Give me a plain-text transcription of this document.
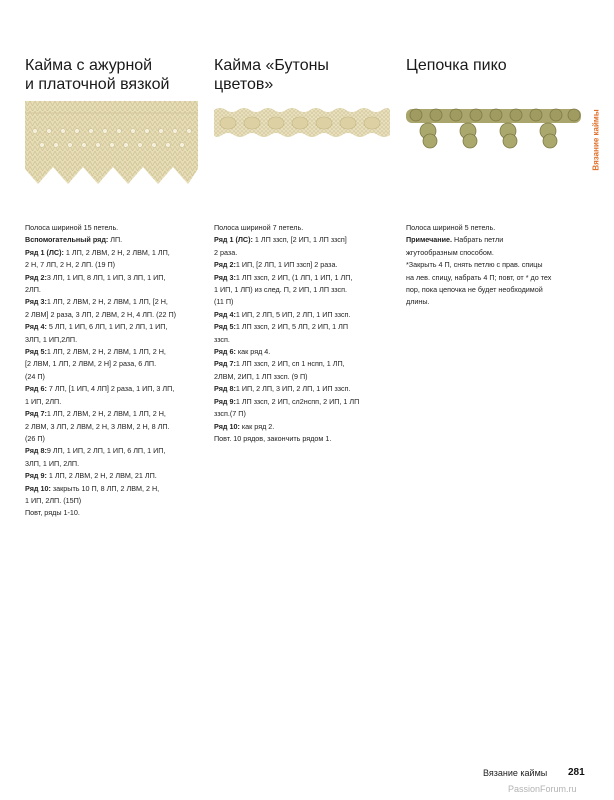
Кайма с ажурной
и платочной вязкой
Полоса шириной 15 петель.
Вспомогательный ряд: ЛП.
Ряд 1 (ЛС): 1 ЛП, 2 ЛВМ, 2 Н, 2 ЛВМ, 1 ЛП,
2 Н, 7 ЛП, 2 Н, 2 ЛП. (19 П)
Ряд 2:3 ЛП, 1 ИП, 8 ЛП, 1 ИП, 3 ЛП, 1 ИП,
2ЛП.
Ряд 3:1 ЛП, 2 ЛВМ, 2 Н, 2 ЛВМ, 1 ЛП, [2 Н,
2 ЛВМ] 2 раза, 3 ЛП, 2 ЛВМ, 2 Н, 4 ЛП. (22 П)
Ряд 4: 5 ЛП, 1 ИП, 6 ЛП, 1 ИП, 2 ЛП, 1 ИП,
3ЛП, 1 ИП,2ЛП.
Ряд 5:1 ЛП, 2 ЛВМ, 2 Н, 2 ЛВМ, 1 ЛП, 2 Н,
[2 ЛВМ, 1 ЛП, 2 ЛВМ, 2 Н] 2 раза, 6 ЛП.
(24 П)
Ряд 6: 7 ЛП, [1 ИП, 4 ЛП] 2 раза, 1 ИП, 3 ЛП,
1 ИП, 2ЛП.
Ряд 7:1 ЛП, 2 ЛВМ, 2 Н, 2 ЛВМ, 1 ЛП, 2 Н,
2 ЛВМ, 3 ЛП, 2 ЛВМ, 2 Н, 3 ЛВМ, 2 Н, 8 ЛП.
(26 П)
Ряд 8:9 ЛП, 1 ИП, 2 ЛП, 1 ИП, 6 ЛП, 1 ИП,
3ЛП, 1 ИП, 2ЛП.
Ряд 9: 1 ЛП, 2 ЛВМ, 2 Н, 2 ЛВМ, 21 ЛП.
Ряд 10: закрыть 10 П, 8 ЛП, 2 ЛВМ, 2 Н,
1 ИП, 2ЛП. (15П)
Повт, ряды 1-10.
Кайма «Бутоны
цветов»
Полоса шириной 7 петель.
Ряд 1 (ЛС): 1 ЛП ззсп, [2 ИП, 1 ЛП ззсп]
2 раза.
Ряд 2:1 ИП, [2 ЛП, 1 ИП ззсп] 2 раза.
Ряд 3:1 ЛП ззсп, 2 ИП, (1 ЛП, 1 ИП, 1 ЛП,
1 ИП, 1 ЛП) из след. П, 2 ИП, 1 ЛП ззсп.
(11 П)
Ряд 4:1 ИП, 2 ЛП, 5 ИП, 2 ЛП, 1 ИП ззсп.
Ряд 5:1 ЛП ззсп, 2 ИП, 5 ЛП, 2 ИП, 1 ЛП
ззсп.
Ряд 6: как ряд 4.
Ряд 7:1 ЛП ззсп, 2 ИП, сп 1 нспп, 1 ЛП,
2ЛВМ, 2ИП, 1 ЛП ззсп. (9 П)
Ряд 8:1 ИП, 2 ЛП, 3 ИП, 2 ЛП, 1 ИП ззсп.
Ряд 9:1 ЛП ззсп, 2 ИП, сл2нспп, 2 ИП, 1 ЛП
ззсп.(7 П)
Ряд 10: как ряд 2.
Повт. 10 рядов, закончить рядом 1.
Цепочка пико
Полоса шириной 5 петель.
Примечание. Набрать петли
жгутообразным способом.
*Закрыть 4 П, снять петлю с прав. спицы
на лев. спицу, набрать 4 П; повт, от * до тех
пор, пока цепочка не будет необходимой
длины.
Вязание каймы
Вязание каймы 281
PassionForum.ru
